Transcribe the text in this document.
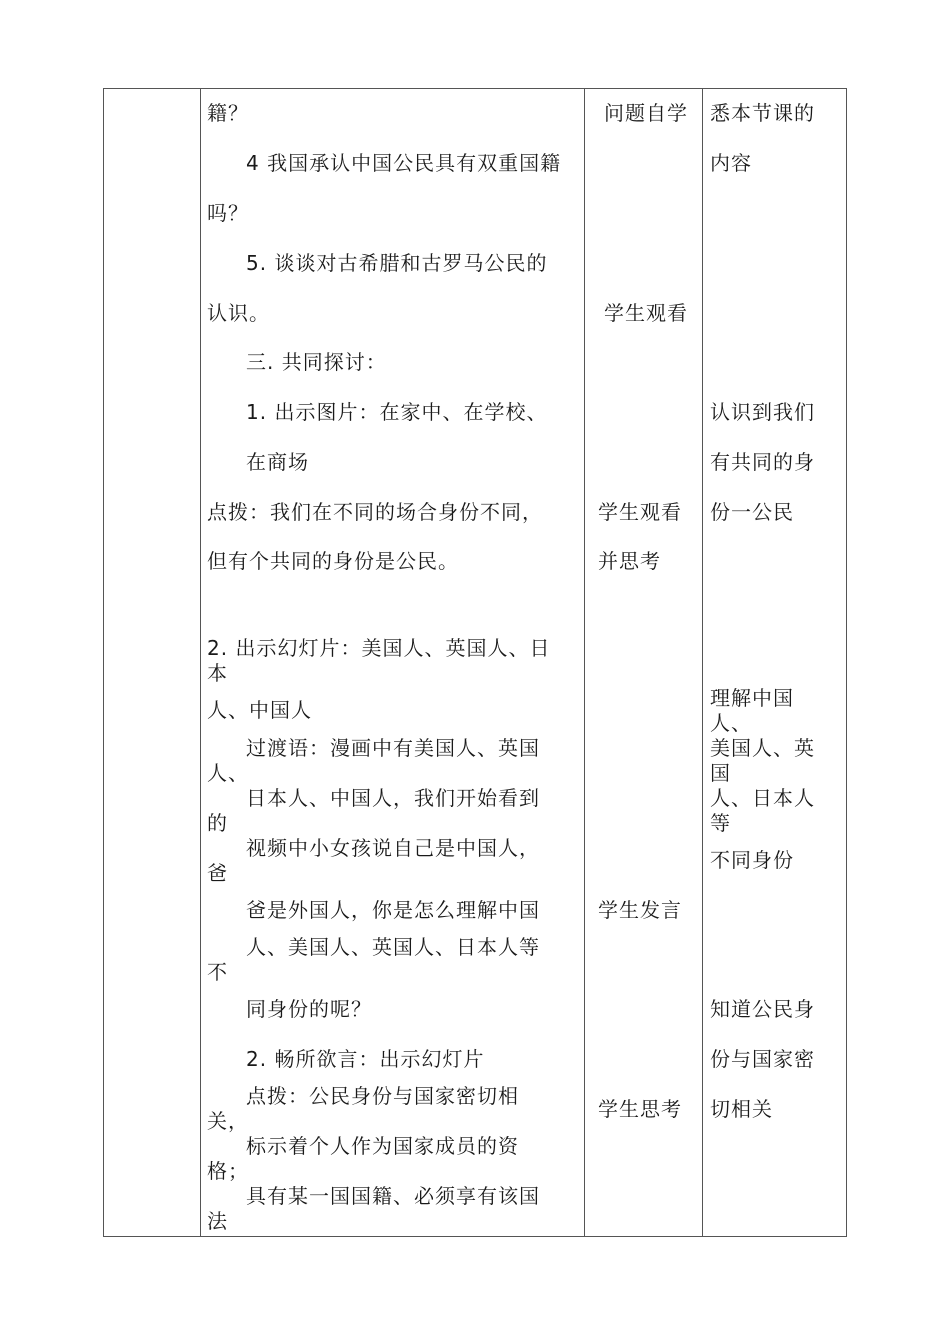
籍？
4 我国承认中国公民具有双重国籍
吗？
5. 谈谈对古希腊和古罗马公民的
认识。
三. 共同探讨：
1. 出示图片：在家中、在学校、
在商场
点拨：我们在不同的场合身份不同，
但有个共同的身份是公民。
2. 出示幻灯片：美国人、英国人、日
本
人、中国人
过渡语：漫画中有美国人、英国
人、
日本人、中国人，我们开始看到
的
视频中小女孩说自己是中国人，
爸
爸是外国人，你是怎么理解中国
人、美国人、英国人、日本人等
不
同身份的呢？
2. 畅所欲言：出示幻灯片
点拨：公民身份与国家密切相
关，
标示着个人作为国家成员的资
格；
具有某一国国籍、必须享有该国
法
问题自学
学生观看
学生观看
并思考
学生发言
学生思考
悉本节课的
内容
认识到我们
有共同的身
份一公民
理解中国
人、
美国人、英
国
人、日本人
等
不同身份
知道公民身
份与国家密
切相关
